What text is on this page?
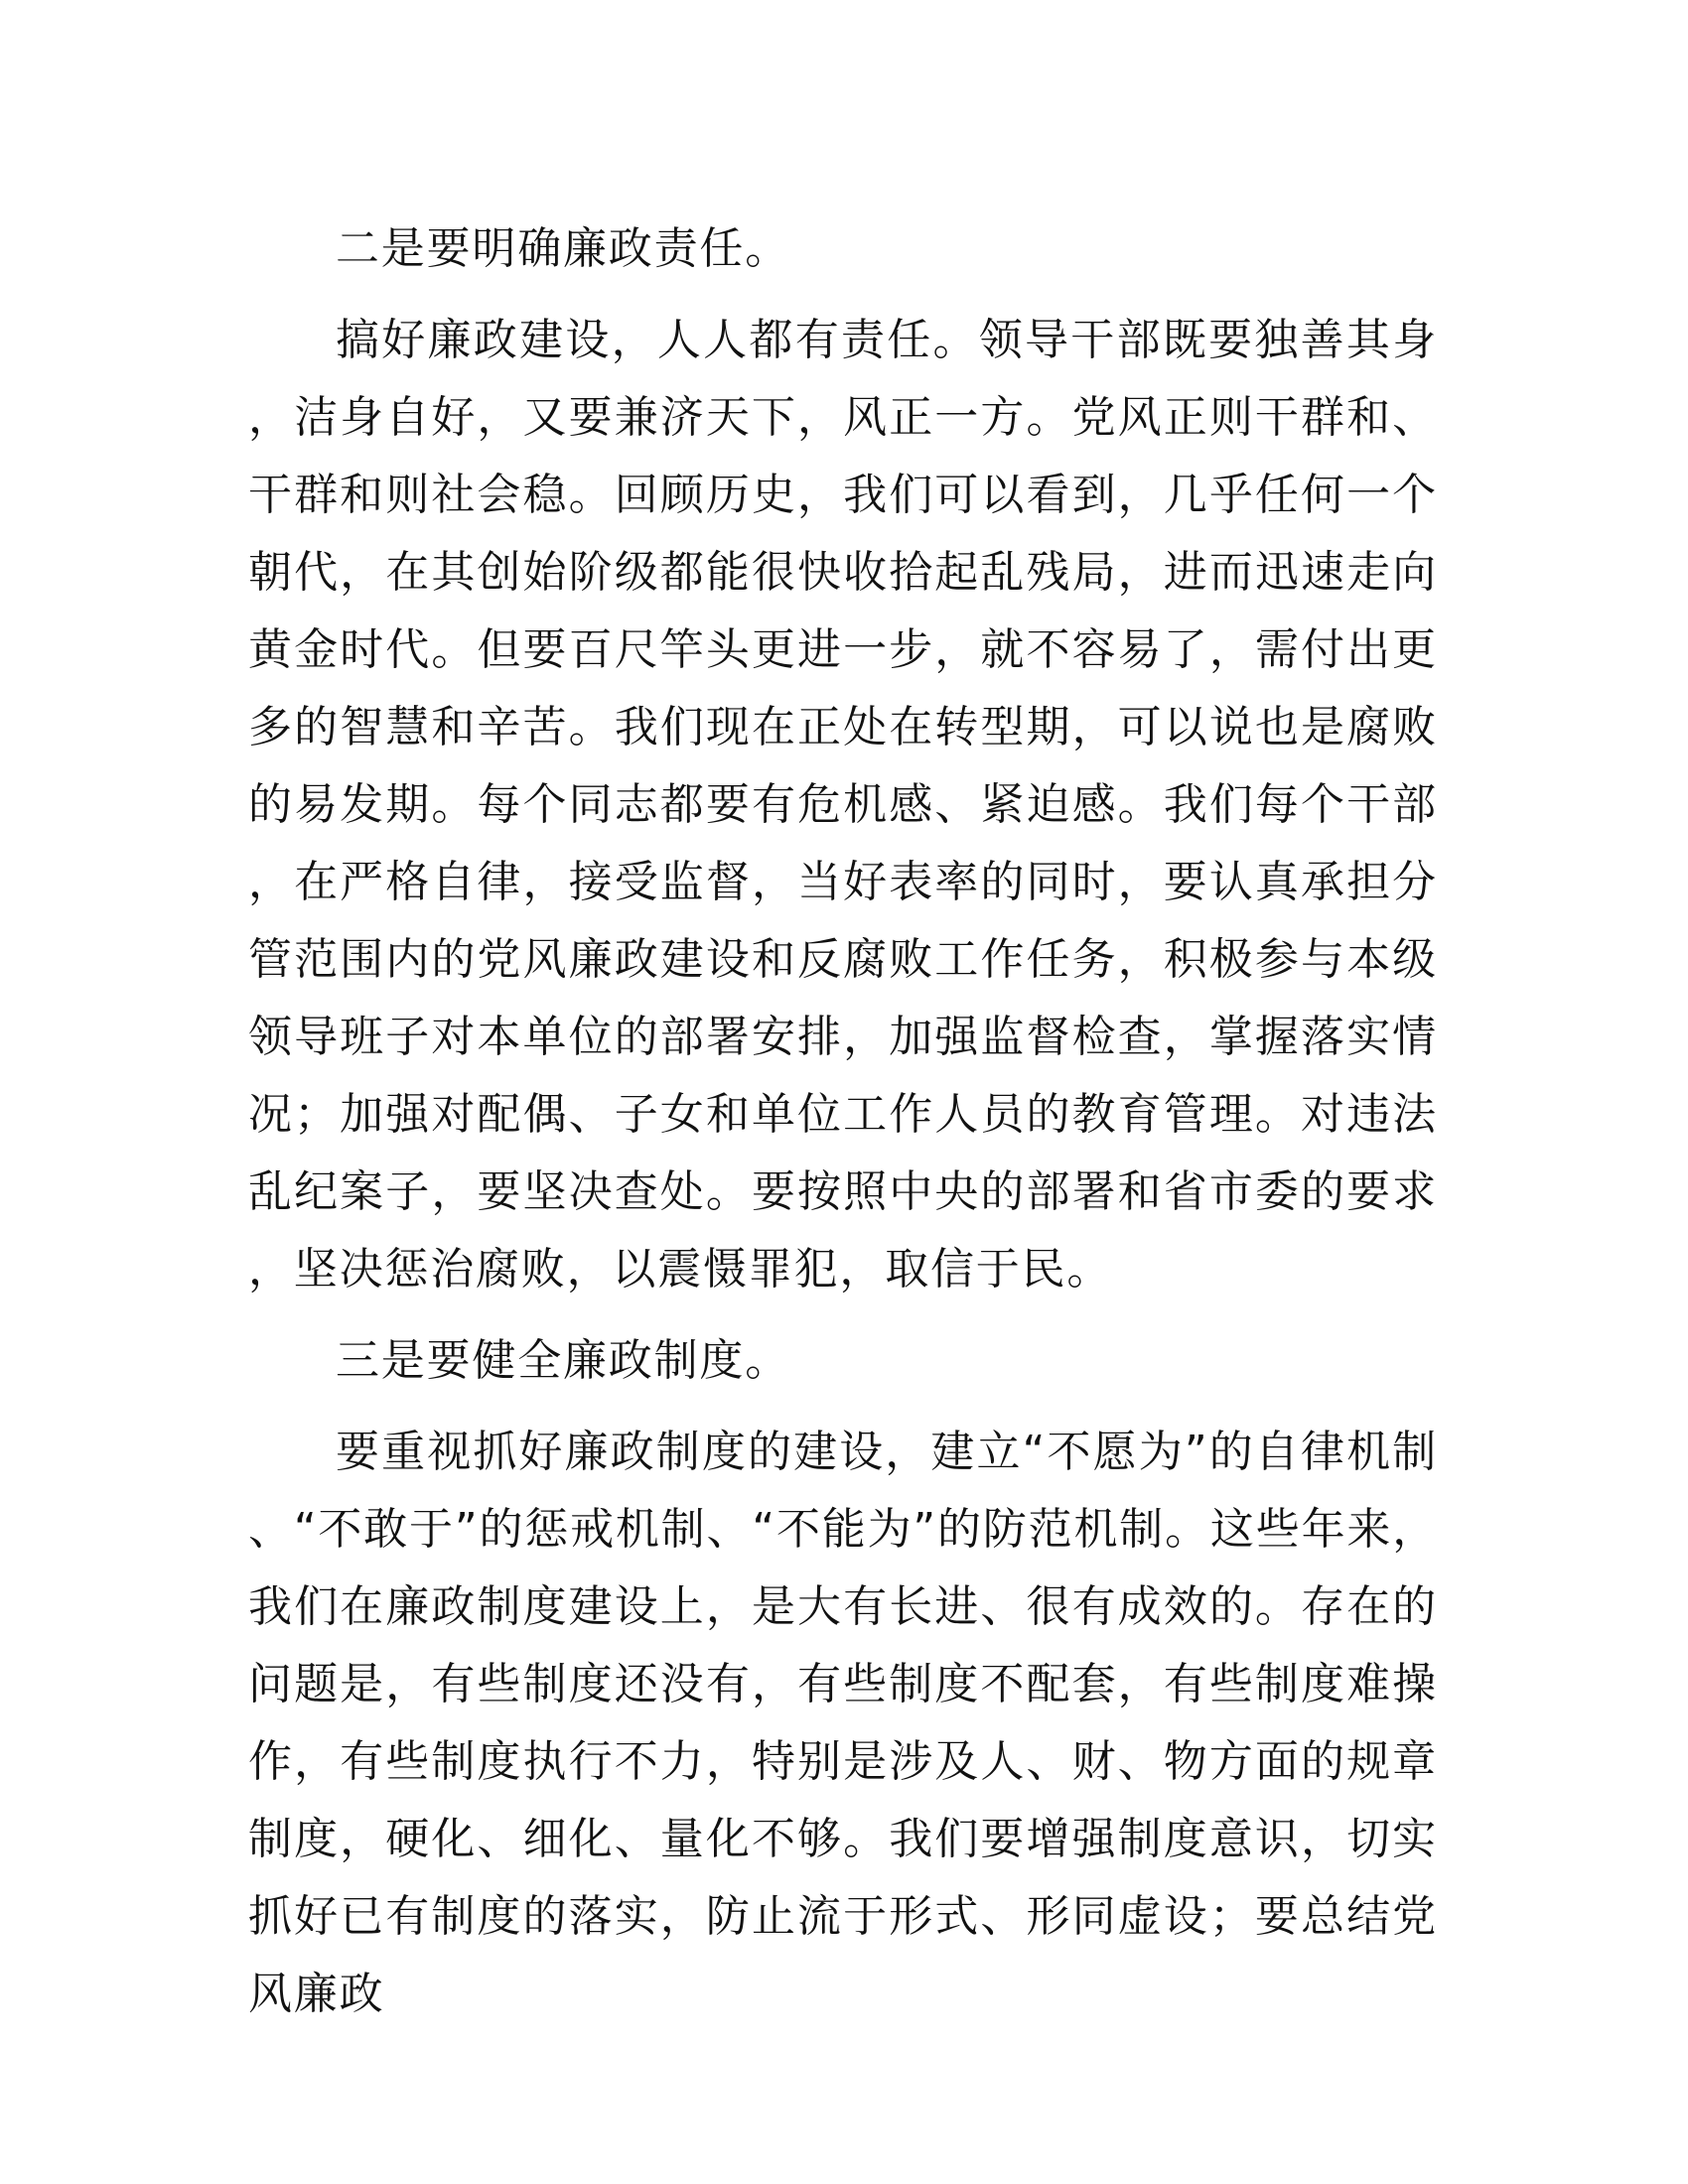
二是要明确廉政责任。

搞好廉政建设，人人都有责任。领导干部既要独善其身，洁身自好，又要兼济天下，风正一方。党风正则干群和、干群和则社会稳。回顾历史，我们可以看到，几乎任何一个朝代，在其创始阶级都能很快收拾起乱残局，进而迅速走向黄金时代。但要百尺竿头更进一步，就不容易了，需付出更多的智慧和辛苦。我们现在正处在转型期，可以说也是腐败的易发期。每个同志都要有危机感、紧迫感。我们每个干部，在严格自律，接受监督，当好表率的同时，要认真承担分管范围内的党风廉政建设和反腐败工作任务，积极参与本级领导班子对本单位的部署安排，加强监督检查，掌握落实情况；加强对配偶、子女和单位工作人员的教育管理。对违法乱纪案子，要坚决查处。要按照中央的部署和省市委的要求，坚决惩治腐败，以震慑罪犯，取信于民。

三是要健全廉政制度。

要重视抓好廉政制度的建设，建立“不愿为”的自律机制、“不敢于”的惩戒机制、“不能为”的防范机制。这些年来，我们在廉政制度建设上，是大有长进、很有成效的。存在的问题是，有些制度还没有，有些制度不配套，有些制度难操作，有些制度执行不力，特别是涉及人、财、物方面的规章制度，硬化、细化、量化不够。我们要增强制度意识，切实抓好已有制度的落实，防止流于形式、形同虚设；要总结党风廉政
